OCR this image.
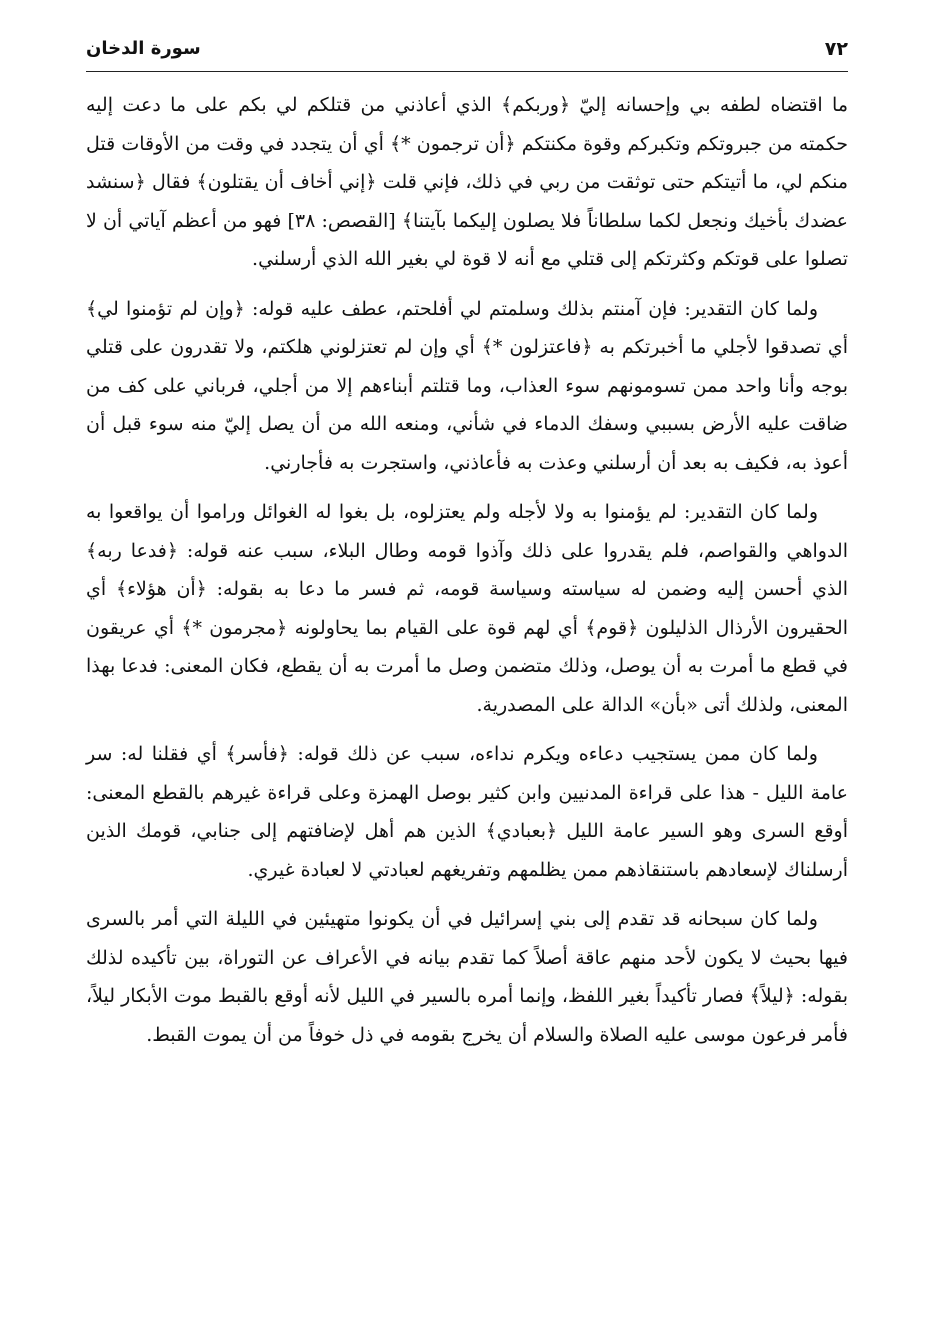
٧٢
سورة الدخان

ما اقتضاه لطفه بي وإحسانه إليّ ﴿وربكم﴾ الذي أعاذني من قتلكم لي بكم على ما دعت إليه حكمته من جبروتكم وتكبركم وقوة مكنتكم ﴿أن ترجمون *﴾ أي أن يتجدد في وقت من الأوقات قتل منكم لي، ما أتيتكم حتى توثقت من ربي في ذلك، فإني قلت ﴿إني أخاف أن يقتلون﴾ فقال ﴿سنشد عضدك بأخيك ونجعل لكما سلطاناً فلا يصلون إليكما بآيتنا﴾ [القصص: ٣٨] فهو من أعظم آياتي أن لا تصلوا على قوتكم وكثرتكم إلى قتلي مع أنه لا قوة لي بغير الله الذي أرسلني.

ولما كان التقدير: فإن آمنتم بذلك وسلمتم لي أفلحتم، عطف عليه قوله: ﴿وإن لم تؤمنوا لي﴾ أي تصدقوا لأجلي ما أخبرتكم به ﴿فاعتزلون *﴾ أي وإن لم تعتزلوني هلكتم، ولا تقدرون على قتلي بوجه وأنا واحد ممن تسومونهم سوء العذاب، وما قتلتم أبناءهم إلا من أجلي، فرباني على كف من ضاقت عليه الأرض بسببي وسفك الدماء في شأني، ومنعه الله من أن يصل إليّ منه سوء قبل أن أعوذ به، فكيف به بعد أن أرسلني وعذت به فأعاذني، واستجرت به فأجارني.

ولما كان التقدير: لم يؤمنوا به ولا لأجله ولم يعتزلوه، بل بغوا له الغوائل وراموا أن يواقعوا به الدواهي والقواصم، فلم يقدروا على ذلك وآذوا قومه وطال البلاء، سبب عنه قوله: ﴿فدعا ربه﴾ الذي أحسن إليه وضمن له سياسته وسياسة قومه، ثم فسر ما دعا به بقوله: ﴿أن هؤلاء﴾ أي الحقيرون الأرذال الذليلون ﴿قوم﴾ أي لهم قوة على القيام بما يحاولونه ﴿مجرمون *﴾ أي عريقون في قطع ما أمرت به أن يوصل، وذلك متضمن وصل ما أمرت به أن يقطع، فكان المعنى: فدعا بهذا المعنى، ولذلك أتى «بأن» الدالة على المصدرية.

ولما كان ممن يستجيب دعاءه ويكرم نداءه، سبب عن ذلك قوله: ﴿فأسر﴾ أي فقلنا له: سر عامة الليل - هذا على قراءة المدنيين وابن كثير بوصل الهمزة وعلى قراءة غيرهم بالقطع المعنى: أوقع السرى وهو السير عامة الليل ﴿بعبادي﴾ الذين هم أهل لإضافتهم إلى جنابي، قومك الذين أرسلناك لإسعادهم باستنقاذهم ممن يظلمهم وتفريغهم لعبادتي لا لعبادة غيري.

ولما كان سبحانه قد تقدم إلى بني إسرائيل في أن يكونوا متهيئين في الليلة التي أمر بالسرى فيها بحيث لا يكون لأحد منهم عاقة أصلاً كما تقدم بيانه في الأعراف عن التوراة، بين تأكيده لذلك بقوله: ﴿ليلاً﴾ فصار تأكيداً بغير اللفظ، وإنما أمره بالسير في الليل لأنه أوقع بالقبط موت الأبكار ليلاً، فأمر فرعون موسى عليه الصلاة والسلام أن يخرج بقومه في ذل خوفاً من أن يموت القبط.
